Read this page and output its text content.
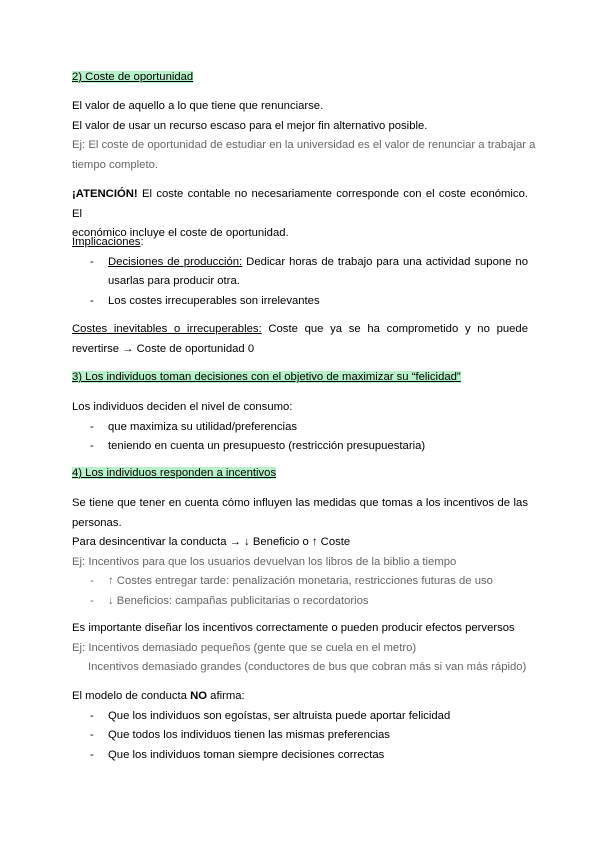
2) Coste de oportunidad
El valor de aquello a lo que tiene que renunciarse.
El valor de usar un recurso escaso para el mejor fin alternativo posible.
Ej: El coste de oportunidad de estudiar en la universidad es el valor de renunciar a trabajar a
tiempo completo.
¡ATENCIÓN! El coste contable no necesariamente corresponde con el coste económico. El
económico incluye el coste de oportunidad.
Implicaciones:
- Decisiones de producción: Dedicar horas de trabajo para una actividad supone no
usarlas para producir otra.
- Los costes irrecuperables son irrelevantes
Costes inevitables o irrecuperables: Coste que ya se ha comprometido y no puede
revertirse → Coste de oportunidad 0
3) Los individuos toman decisiones con el objetivo de maximizar su “felicidad”
Los individuos deciden el nivel de consumo:
- que maximiza su utilidad/preferencias
- teniendo en cuenta un presupuesto (restricción presupuestaria)
4) Los individuos responden a incentivos
Se tiene que tener en cuenta cómo influyen las medidas que tomas a los incentivos de las
personas.
Para desincentivar la conducta → ↓ Beneficio o ↑ Coste
Ej: Incentivos para que los usuarios devuelvan los libros de la biblio a tiempo
- ↑ Costes entregar tarde: penalización monetaria, restricciones futuras de uso
- ↓ Beneficios: campañas publicitarias o recordatorios
Es importante diseñar los incentivos correctamente o pueden producir efectos perversos
Ej: Incentivos demasiado pequeños (gente que se cuela en el metro)
Incentivos demasiado grandes (conductores de bus que cobran más si van más rápido)
El modelo de conducta NO afirma:
- Que los individuos son egoístas, ser altruista puede aportar felicidad
- Que todos los individuos tienen las mismas preferencias
- Que los individuos toman siempre decisiones correctas
